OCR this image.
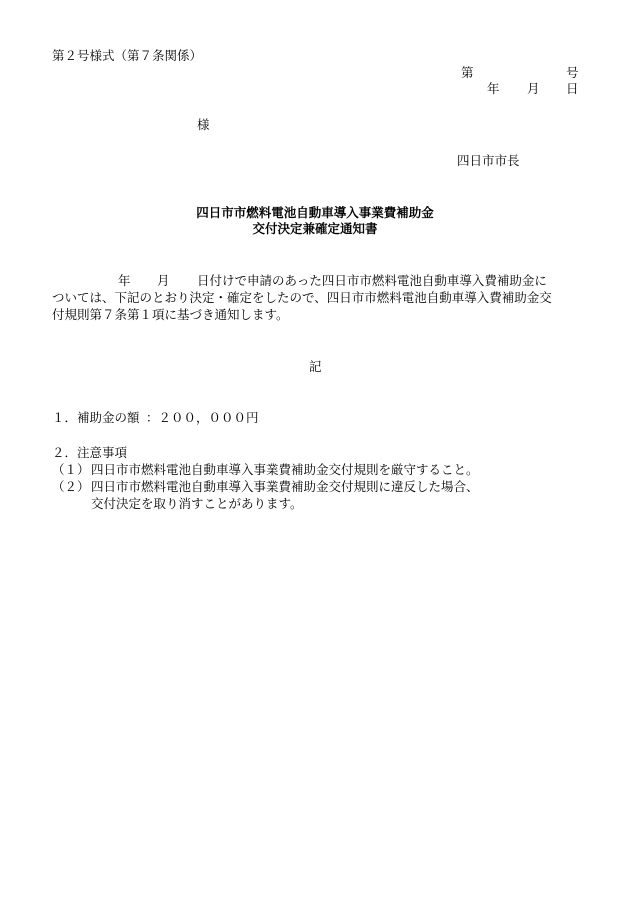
第２号様式（第７条関係）
第	号
年 月 日
様
四日市市長
四日市市燃料電池自動車導入事業費補助金
交付決定兼確定通知書
年 月 日付けで申請のあった四日市市燃料電池自動車導入費補助金に
ついては、下記のとおり決定・確定をしたので、四日市市燃料電池自動車導入費補助金交
付規則第７条第１項に基づき通知します。
記
１．補助金の額 ：２００，０００円
２．注意事項
（１） 四日市市燃料電池自動車導入事業費補助金交付規則を厳守すること。
（２） 四日市市燃料電池自動車導入事業費補助金交付規則に違反した場合、
交付決定を取り消すことがあります。
